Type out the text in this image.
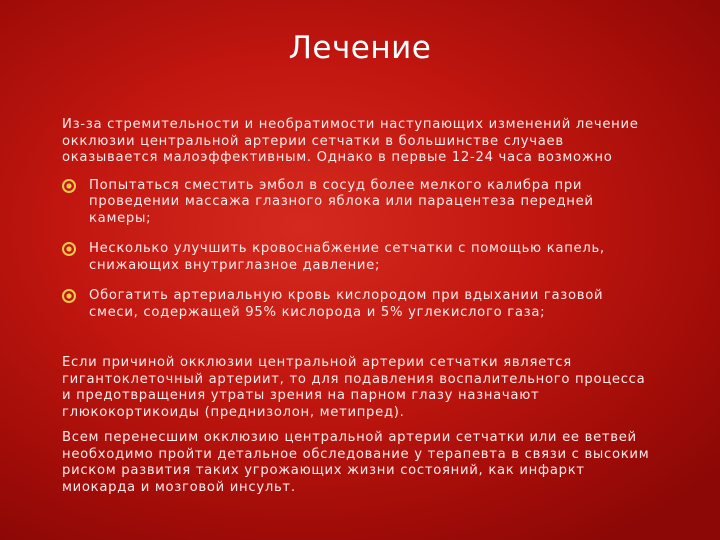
Лечение

Из-за стремительности и необратимости наступающих изменений лечение окклюзии центральной артерии сетчатки в большинстве случаев оказывается малоэффективным. Однако в первые 12-24 часа возможно

Попытаться сместить эмбол в сосуд более мелкого калибра при проведении массажа глазного яблока или парацентеза передней камеры;
Несколько улучшить кровоснабжение сетчатки с помощью капель, снижающих внутриглазное давление;
Обогатить артериальную кровь кислородом при вдыхании газовой смеси, содержащей 95% кислорода и 5% углекислого газа;

Если причиной окклюзии центральной артерии сетчатки является гигантоклеточный артериит, то для подавления воспалительного процесса и предотвращения утраты зрения на парном глазу назначают глюкокортикоиды (преднизолон, метипред).

Всем перенесшим окклюзию центральной артерии сетчатки или ее ветвей необходимо пройти детальное обследование у терапевта в связи с высоким риском развития таких угрожающих жизни состояний, как инфаркт миокарда и мозговой инсульт.
